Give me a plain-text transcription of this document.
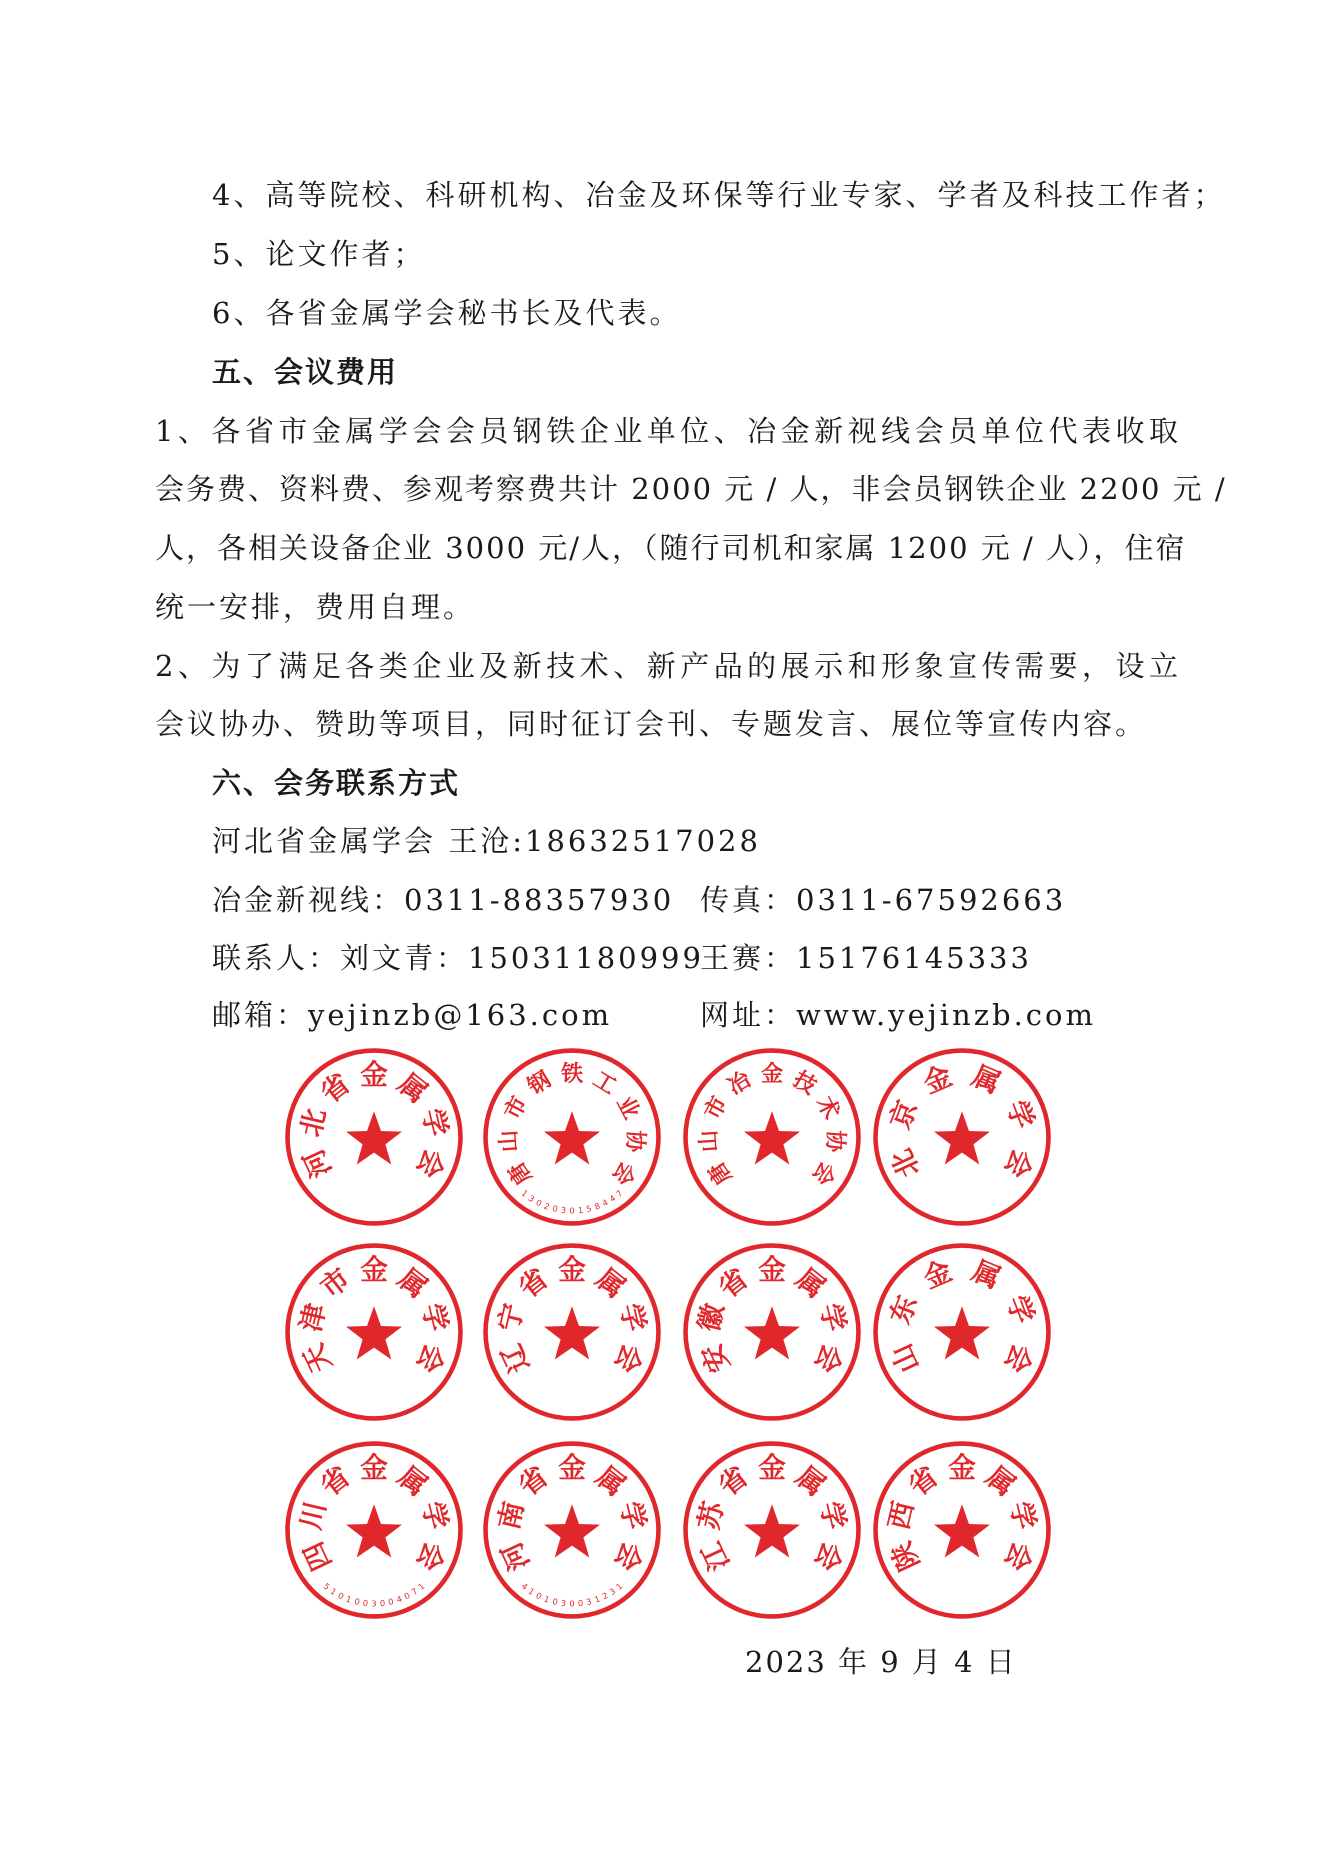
4、高等院校、科研机构、冶金及环保等行业专家、学者及科技工作者；
5、论文作者；
6、各省金属学会秘书长及代表。
五、会议费用
1、各省市金属学会会员钢铁企业单位、冶金新视线会员单位代表收取
会务费、资料费、参观考察费共计 2000 元 / 人，非会员钢铁企业 2200 元 /
人，各相关设备企业 3000 元/人，（随行司机和家属 1200 元 / 人），住宿
统一安排，费用自理。
2、为了满足各类企业及新技术、新产品的展示和形象宣传需要，设立
会议协办、赞助等项目，同时征订会刊、专题发言、展位等宣传内容。
六、会务联系方式
河北省金属学会 王沧:18632517028
冶金新视线：0311-88357930 传真：0311-67592663
联系人：刘文青：15031180999
王赛：15176145333
邮箱：yejinzb@163.com	网址：www.yejinzb.com
河
北
省 金 属
学
会 唐
山
市
钢 铁 工
业
协
会
1
3
0 2 0 3 0 1 5 8 4
4
7
唐
山
市
冶 金 技
术
协
会 北
京
金 属
学
会
天
津
市 金 属
学
会 辽
宁
省 金 属
学
会 安
徽
省 金 属
学
会 山
东
金 属
学
会
四
川
省 金 属
学
会
5
1
0 1 0 0 3 0 0 4 0
7
1
河
南
省 金 属
学
会
4
1
0 1 0 3 0 0 3 1 2
3
1
江
苏
省 金 属
学
会 陕
西
省 金 属
学
会
2023 年 9 月 4 日
